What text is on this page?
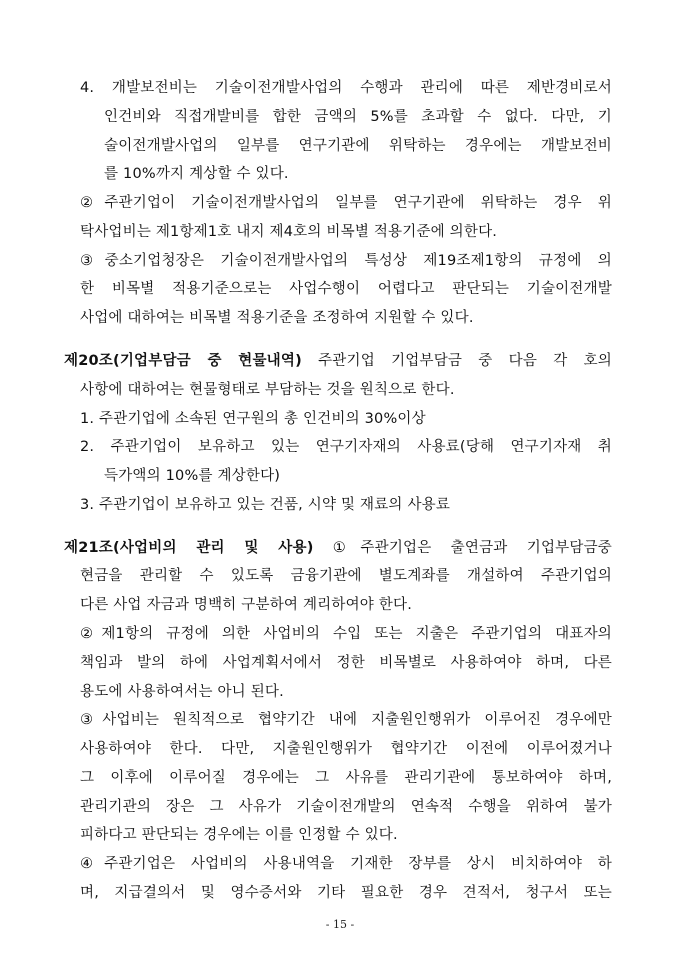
4. 개발보전비는 기술이전개발사업의 수행과 관리에 따른 제반경비로서
인건비와 직접개발비를 합한 금액의 5%를 초과할 수 없다. 다만, 기
술이전개발사업의 일부를 연구기관에 위탁하는 경우에는 개발보전비
를 10%까지 계상할 수 있다.
②주관기업이 기술이전개발사업의 일부를 연구기관에 위탁하는 경우 위
탁사업비는 제1항제1호 내지 제4호의 비목별 적용기준에 의한다.
③중소기업청장은 기술이전개발사업의 특성상 제19조제1항의 규정에 의
한 비목별 적용기준으로는 사업수행이 어렵다고 판단되는 기술이전개발
사업에 대하여는 비목별 적용기준을 조정하여 지원할 수 있다.
제20조(기업부담금 중 현물내역) 주관기업 기업부담금 중 다음 각 호의
사항에 대하여는 현물형태로 부담하는 것을 원칙으로 한다.
1. 주관기업에 소속된 연구원의 총 인건비의 30%이상
2. 주관기업이 보유하고 있는 연구기자재의 사용료(당해 연구기자재 취
득가액의 10%를 계상한다)
3. 주관기업이 보유하고 있는 건품, 시약 및 재료의 사용료
제21조(사업비의 관리 및 사용) ①주관기업은 출연금과 기업부담금중
현금을 관리할 수 있도록 금융기관에 별도계좌를 개설하여 주관기업의
다른 사업 자금과 명백히 구분하여 계리하여야 한다.
②제1항의 규정에 의한 사업비의 수입 또는 지출은 주관기업의 대표자의
책임과 발의 하에 사업계획서에서 정한 비목별로 사용하여야 하며, 다른
용도에 사용하여서는 아니 된다.
③사업비는 원칙적으로 협약기간 내에 지출원인행위가 이루어진 경우에만
사용하여야 한다. 다만, 지출원인행위가 협약기간 이전에 이루어졌거나
그 이후에 이루어질 경우에는 그 사유를 관리기관에 통보하여야 하며,
관리기관의 장은 그 사유가 기술이전개발의 연속적 수행을 위하여 불가
피하다고 판단되는 경우에는 이를 인정할 수 있다.
④주관기업은 사업비의 사용내역을 기재한 장부를 상시 비치하여야 하
며, 지급결의서 및 영수증서와 기타 필요한 경우 견적서, 청구서 또는
- 15 -
